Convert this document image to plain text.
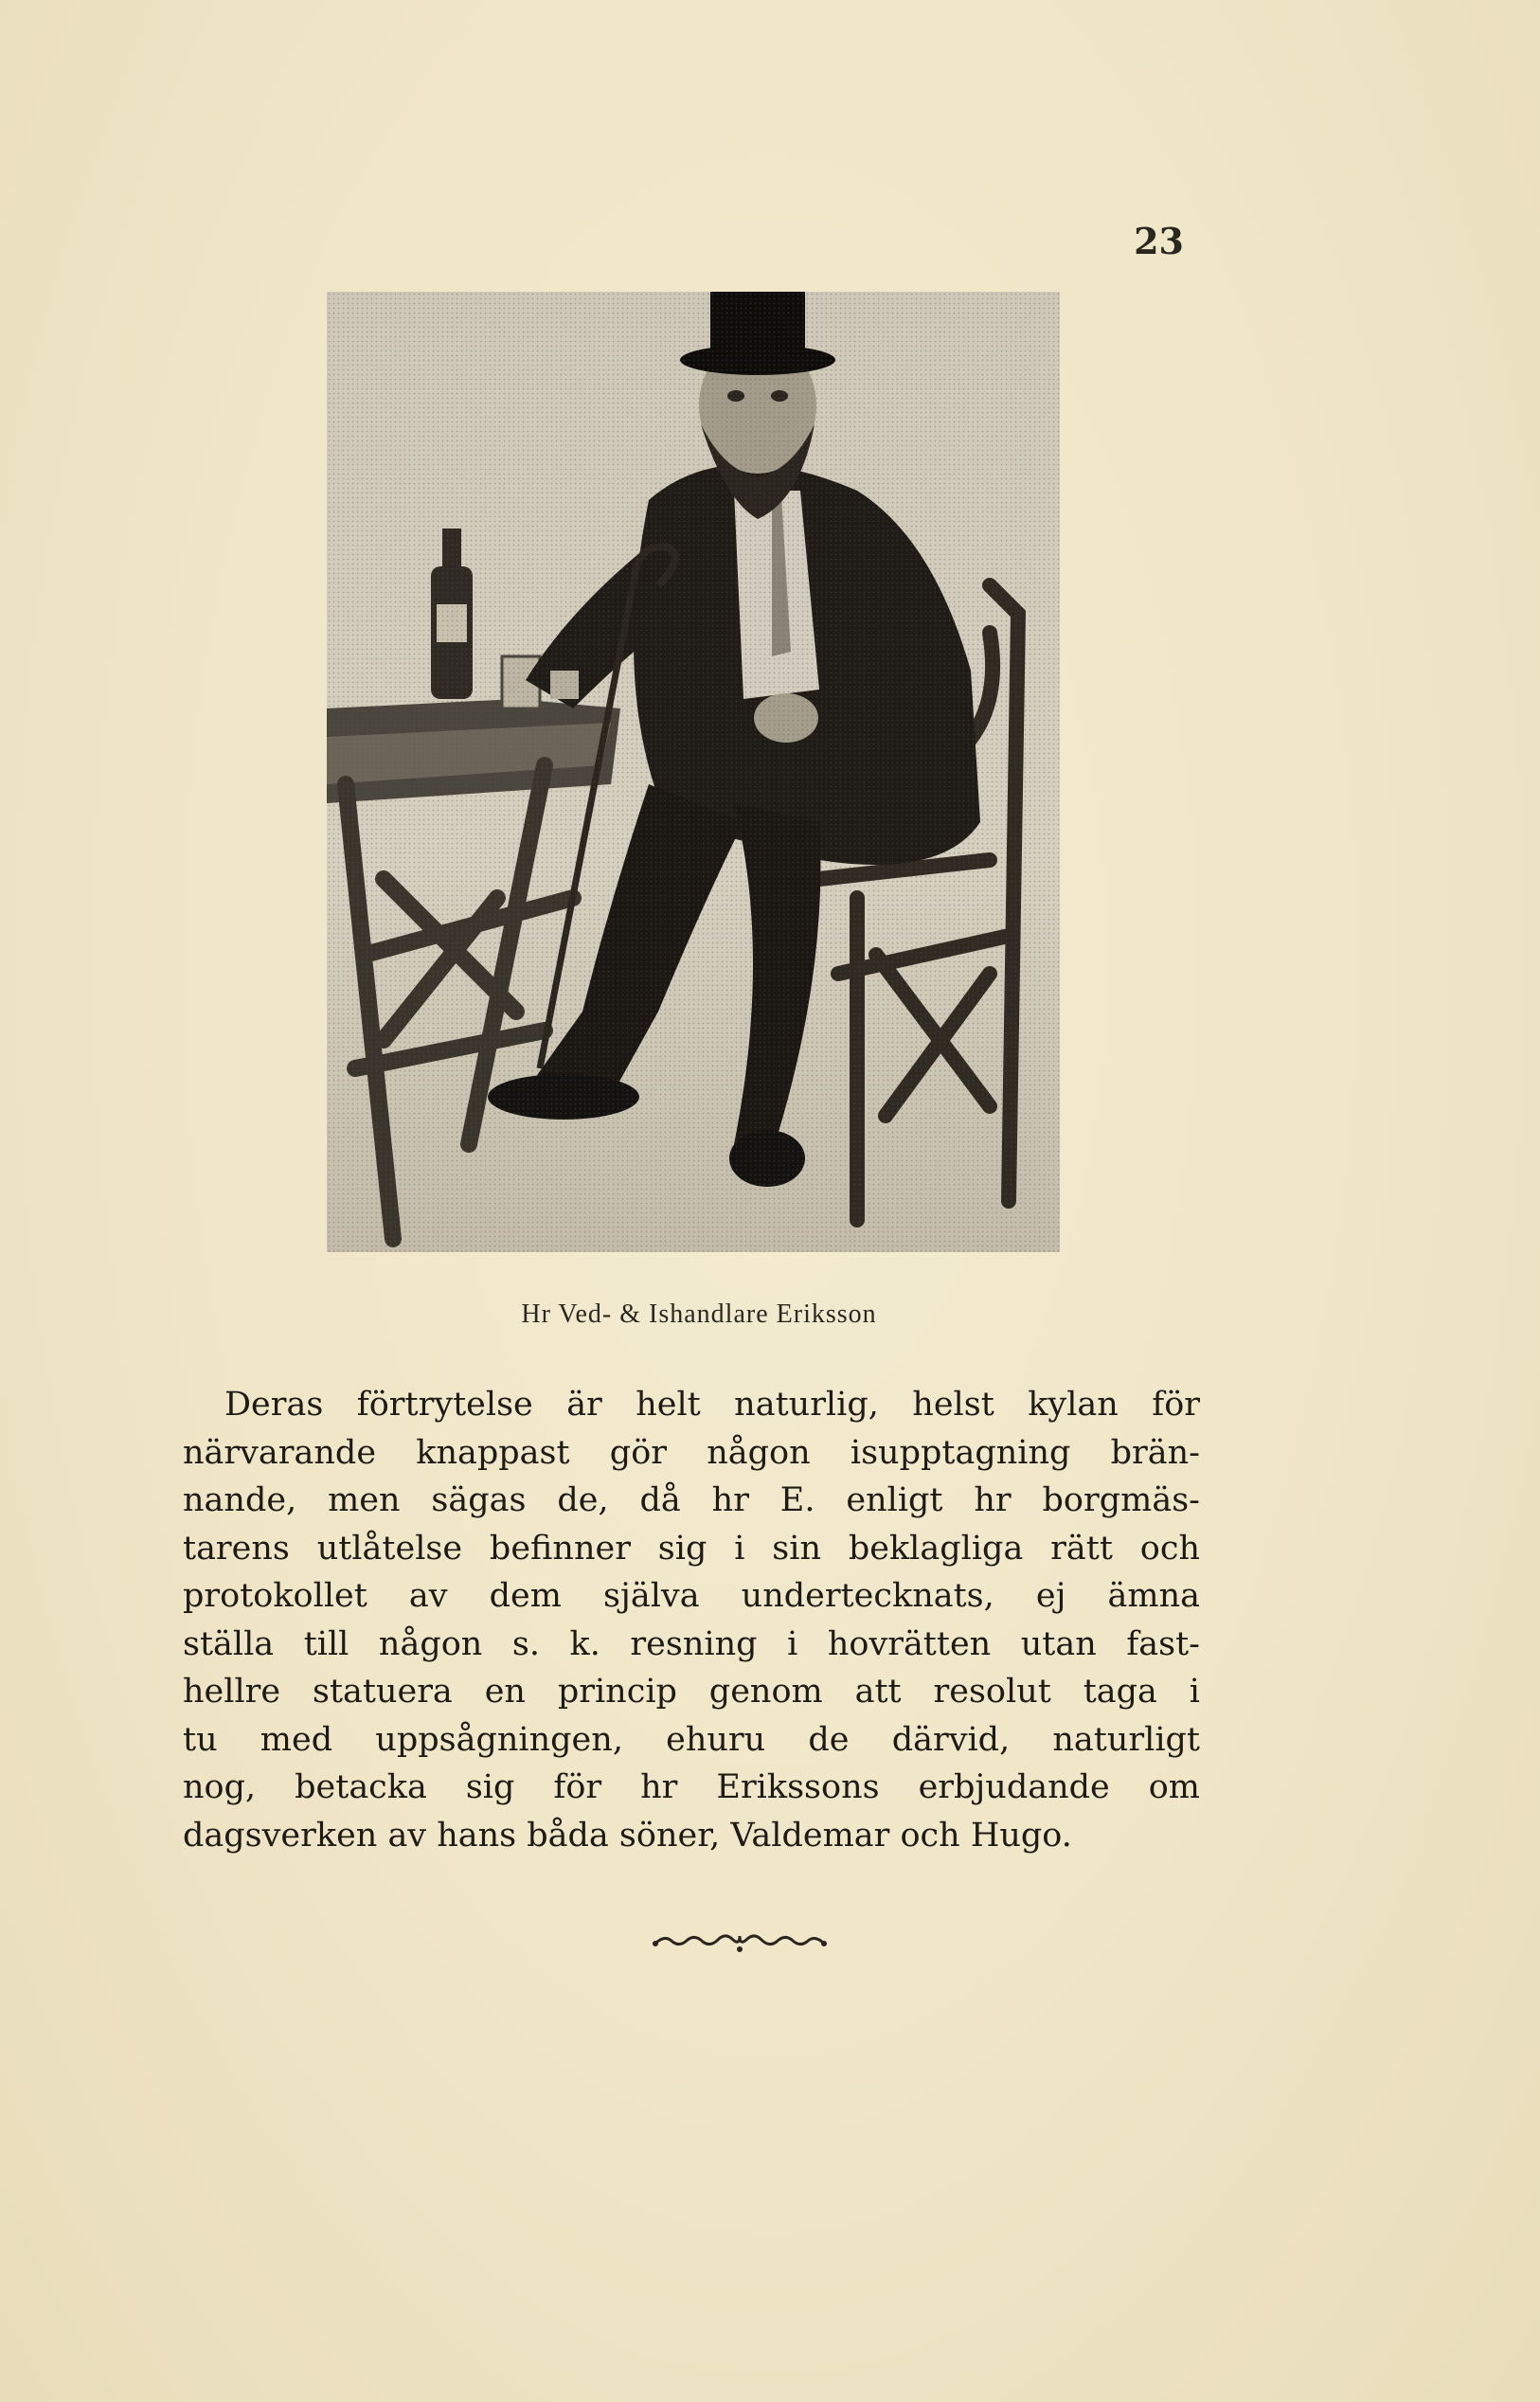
23
Hr Ved- & Ishandlare Eriksson
Deras förtrytelse är helt naturlig, helst kylan för
närvarande knappast gör någon isupptagning brän-
nande, men sägas de, då hr E. enligt hr borgmäs-
tarens utlåtelse befinner sig i sin beklagliga rätt och
protokollet av dem själva undertecknats, ej ämna
ställa till någon s. k. resning i hovrätten utan fast-
hellre statuera en princip genom att resolut taga i
tu med uppsågningen, ehuru de därvid, naturligt
nog, betacka sig för hr Erikssons erbjudande om
dagsverken av hans båda söner, Valdemar och Hugo.
